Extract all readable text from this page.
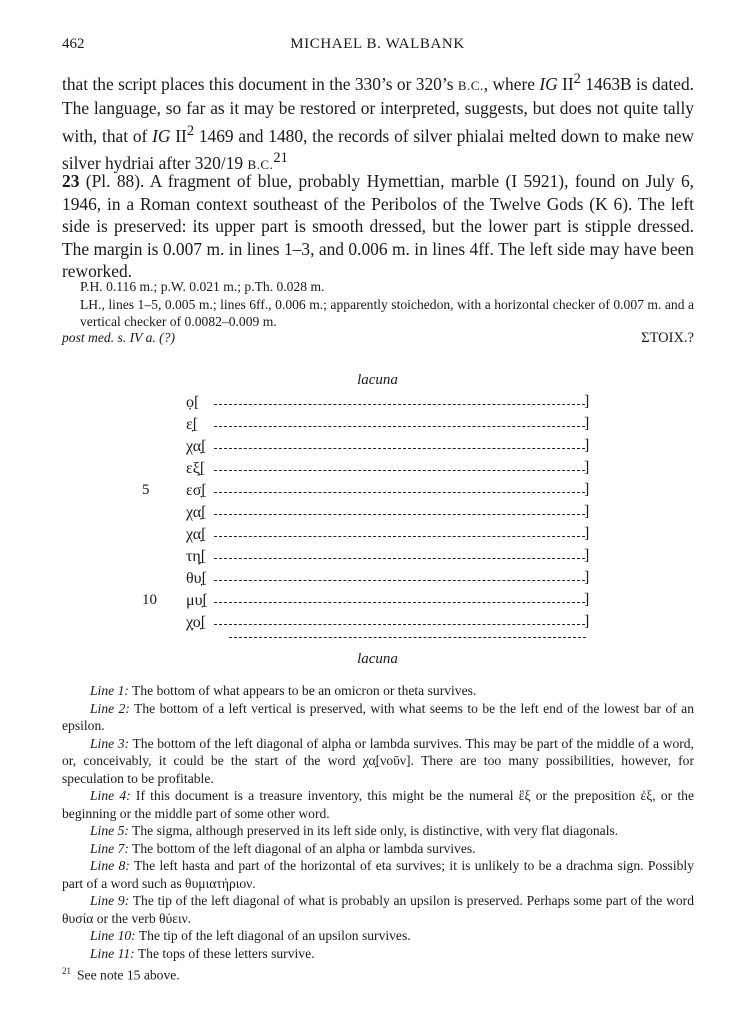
462	MICHAEL B. WALBANK
that the script places this document in the 330’s or 320’s B.C., where IG $II^2$ 1463B is dated. The language, so far as it may be restored or interpreted, suggests, but does not quite tally with, that of IG $II^2$ 1469 and 1480, the records of silver phialai melted down to make new silver hydriai after 320/19 B.C.$^{21}$
23 (Pl. 88). A fragment of blue, probably Hymettian, marble (I 5921), found on July 6, 1946, in a Roman context southeast of the Peribolos of the Twelve Gods (K 6). The left side is preserved: its upper part is smooth dressed, but the lower part is stipple dressed. The margin is 0.007 m. in lines 1–3, and 0.006 m. in lines 4ff. The left side may have been reworked.
P.H. 0.116 m.; p.W. 0.021 m.; p.Th. 0.028 m.
LH., lines 1–5, 0.005 m.; lines 6ff., 0.006 m.; apparently stoichedon, with a horizontal checker of 0.007 m. and a vertical checker of 0.0082–0.009 m.
post med. s. IV a. (?)	ΣΤΟΙΧ.?
lacuna
ọ[	]
ε̣[	]
χα̣[	]
εξ̣[	]
εσ̣[	]
5
χα̣[	]
χα̣[	]
τη̣[	]
θυ̣[	]
μυ̣[	]
10
χ̣ο̣[	]
lacuna

Line 1: The bottom of what appears to be an omicron or theta survives.

Line 2: The bottom of a left vertical is preserved, with what seems to be the left end of the lowest bar of an epsilon.

Line 3: The bottom of the left diagonal of alpha or lambda survives. This may be part of the middle of a word, or, conceivably, it could be the start of the word χα̣[νοῦν]. There are too many possibilities, however, for speculation to be profitable.

Line 4: If this document is a treasure inventory, this might be the numeral ἓξ or the preposition ἐξ, or the beginning or the middle part of some other word.

Line 5: The sigma, although preserved in its left side only, is distinctive, with very flat diagonals.

Line 7: The bottom of the left diagonal of an alpha or lambda survives.

Line 8: The left hasta and part of the horizontal of eta survives; it is unlikely to be a drachma sign. Possibly part of a word such as θυμιατήριον.

Line 9: The tip of the left diagonal of what is probably an upsilon is preserved. Perhaps some part of the word θυσία or the verb θύειν.

Line 10: The tip of the left diagonal of an upsilon survives.

Line 11: The tops of these letters survive.

$^{21}$ See note 15 above.
